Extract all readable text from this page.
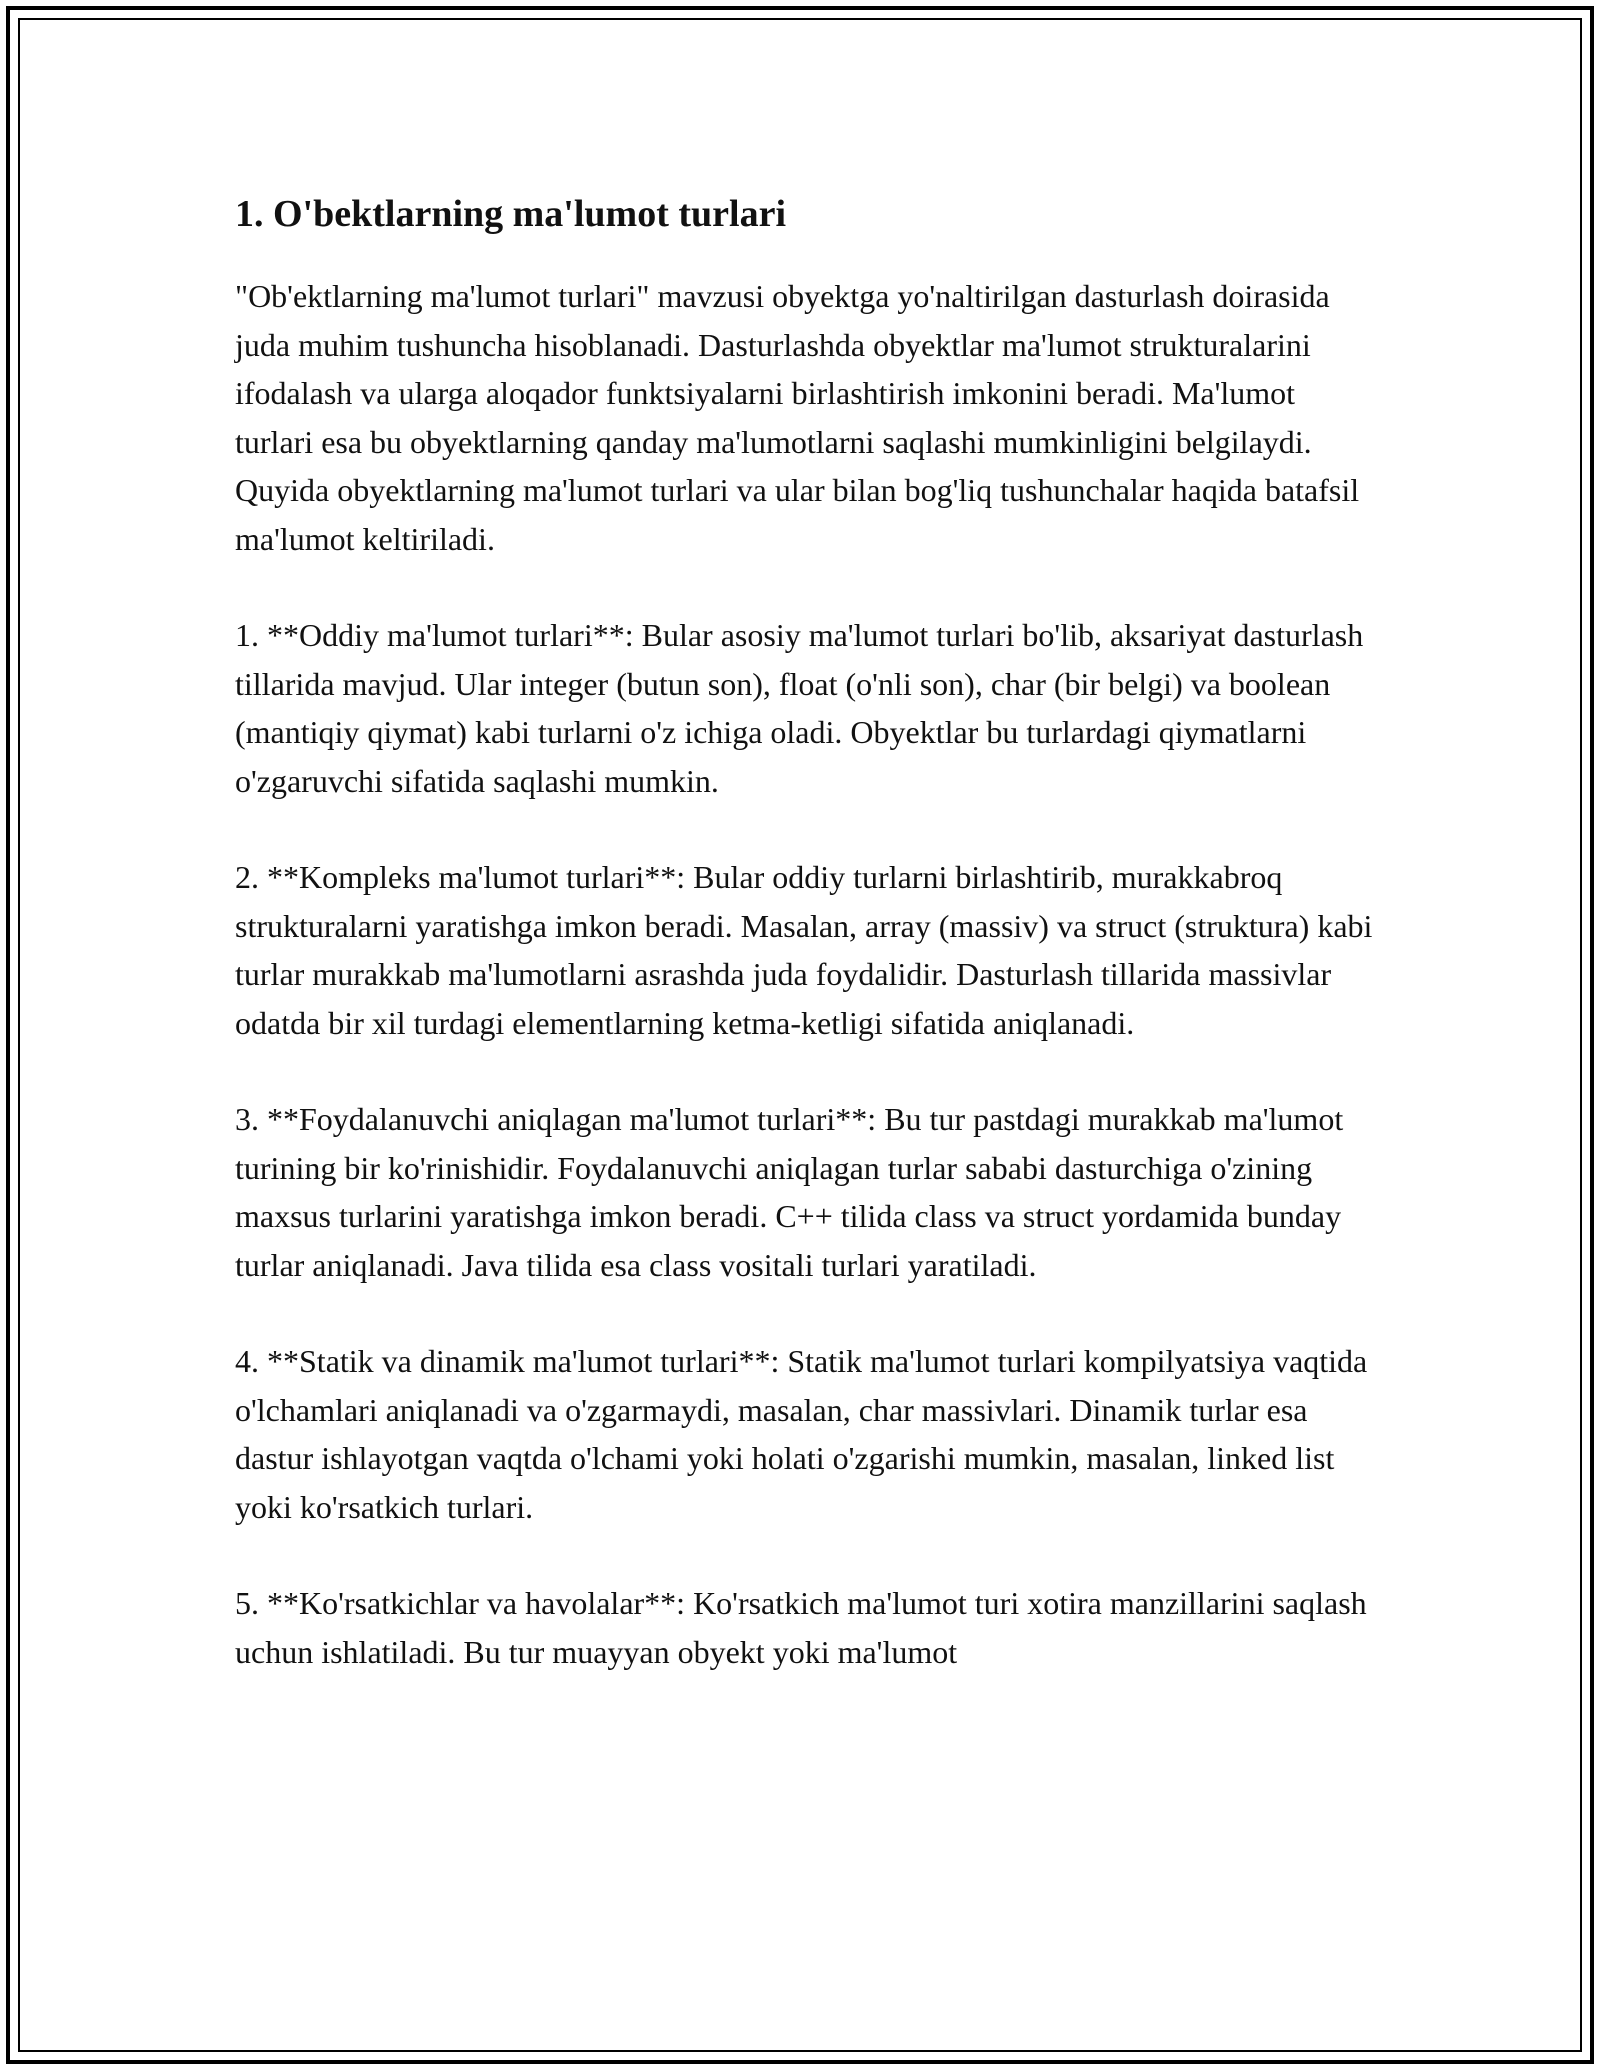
1. O'bektlarning ma'lumot turlari

"Ob'ektlarning ma'lumot turlari" mavzusi obyektga yo'naltirilgan dasturlash doirasida juda muhim tushuncha hisoblanadi. Dasturlashda obyektlar ma'lumot strukturalarini ifodalash va ularga aloqador funktsiyalarni birlashtirish imkonini beradi. Ma'lumot turlari esa bu obyektlarning qanday ma'lumotlarni saqlashi mumkinligini belgilaydi. Quyida obyektlarning ma'lumot turlari va ular bilan bog'liq tushunchalar haqida batafsil ma'lumot keltiriladi.

1. **Oddiy ma'lumot turlari**: Bular asosiy ma'lumot turlari bo'lib, aksariyat dasturlash tillarida mavjud. Ular integer (butun son), float (o'nli son), char (bir belgi) va boolean (mantiqiy qiymat) kabi turlarni o'z ichiga oladi. Obyektlar bu turlardagi qiymatlarni o'zgaruvchi sifatida saqlashi mumkin.

2. **Kompleks ma'lumot turlari**: Bular oddiy turlarni birlashtirib, murakkabroq strukturalarni yaratishga imkon beradi. Masalan, array (massiv) va struct (struktura) kabi turlar murakkab ma'lumotlarni asrashda juda foydalidir. Dasturlash tillarida massivlar odatda bir xil turdagi elementlarning ketma-ketligi sifatida aniqlanadi.

3. **Foydalanuvchi aniqlagan ma'lumot turlari**: Bu tur pastdagi murakkab ma'lumot turining bir ko'rinishidir. Foydalanuvchi aniqlagan turlar sababi dasturchiga o'zining maxsus turlarini yaratishga imkon beradi. C++ tilida class va struct yordamida bunday turlar aniqlanadi. Java tilida esa class vositali turlari yaratiladi.

4. **Statik va dinamik ma'lumot turlari**: Statik ma'lumot turlari kompilyatsiya vaqtida o'lchamlari aniqlanadi va o'zgarmaydi, masalan, char massivlari. Dinamik turlar esa dastur ishlayotgan vaqtda o'lchami yoki holati o'zgarishi mumkin, masalan, linked list yoki ko'rsatkich turlari.

5. **Ko'rsatkichlar va havolalar**: Ko'rsatkich ma'lumot turi xotira manzillarini saqlash uchun ishlatiladi. Bu tur muayyan obyekt yoki ma'lumot
